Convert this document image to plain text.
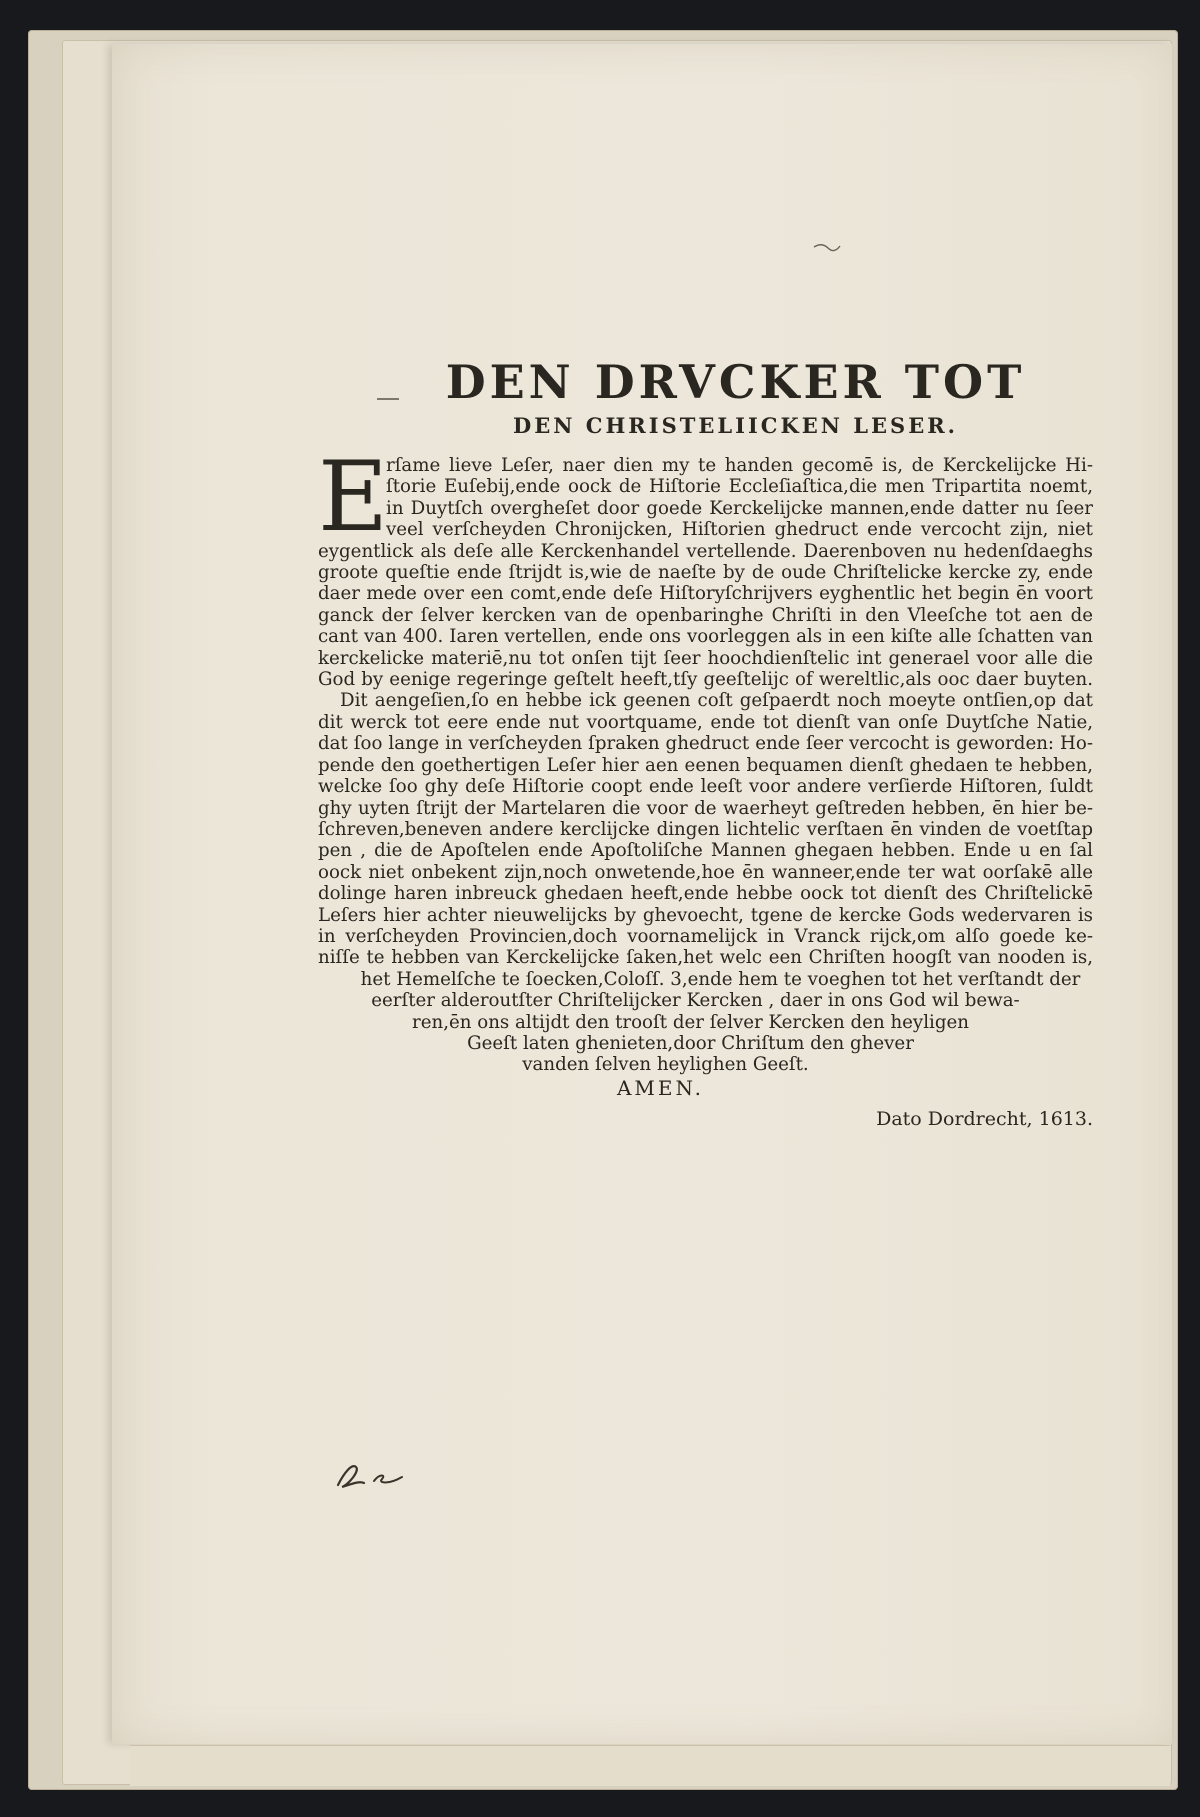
DEN DRVCKER TOT
DEN CHRISTELIICKEN LESER.
E
rſame lieve Leſer, naer dien my te handen gecomē is, de Kerckelijcke Hi-
ſtorie Euſebij,ende oock de Hiſtorie Eccleſiaſtica,die men Tripartita noemt,
in Duytſch overgheſet door goede Kerckelijcke mannen,ende datter nu ſeer
veel verſcheyden Chronijcken, Hiſtorien ghedruct ende vercocht zijn, niet
eygentlick als deſe alle Kerckenhandel vertellende. Daerenboven nu hedenſdaeghs
groote queſtie ende ſtrijdt is,wie de naeſte by de oude Chriſtelicke kercke zy, ende
daer mede over een comt,ende deſe Hiſtoryſchrijvers eyghentlic het begin ēn voort
ganck der ſelver kercken van de openbaringhe Chriſti in den Vleeſche tot aen de
cant van 400. Iaren vertellen, ende ons voorleggen als in een kiſte alle ſchatten van
kerckelicke materiē,nu tot onſen tijt ſeer hoochdienſtelic int generael voor alle die
God by eenige regeringe geſtelt heeft,tſy geeſtelijc of wereltlic,als ooc daer buyten.
Dit aengeſien,ſo en hebbe ick geenen coſt geſpaerdt noch moeyte ontſien,op dat
dit werck tot eere ende nut voortquame, ende tot dienſt van onſe Duytſche Natie,
dat ſoo lange in verſcheyden ſpraken ghedruct ende ſeer vercocht is geworden: Ho-
pende den goethertigen Leſer hier aen eenen bequamen dienſt ghedaen te hebben,
welcke ſoo ghy deſe Hiſtorie coopt ende leeſt voor andere verſierde Hiſtoren, ſuldt
ghy uyten ſtrijt der Martelaren die voor de waerheyt geſtreden hebben, ēn hier be-
ſchreven,beneven andere kerclijcke dingen lichtelic verſtaen ēn vinden de voetſtap
pen , die de Apoſtelen ende Apoſtoliſche Mannen ghegaen hebben. Ende u en ſal
oock niet onbekent zijn,noch onwetende,hoe ēn wanneer,ende ter wat oorſakē alle
dolinge haren inbreuck ghedaen heeft,ende hebbe oock tot dienſt des Chriſtelickē
Leſers hier achter nieuwelijcks by ghevoecht, tgene de kercke Gods wedervaren is
in verſcheyden Provincien,doch voornamelijck in Vranck rijck,om alſo goede ke-
niſſe te hebben van Kerckelijcke ſaken,het welc een Chriſten hoogſt van nooden is,
het Hemelſche te ſoecken,Coloſſ. 3,ende hem te voeghen tot het verſtandt der
eerſter alderoutſter Chriſtelijcker Kercken , daer in ons God wil bewa-
ren,ēn ons altijdt den trooſt der ſelver Kercken den heyligen
Geeſt laten ghenieten,door Chriſtum den ghever
vanden ſelven heylighen Geeſt.

AMEN.

Dato Dordrecht, 1613.
